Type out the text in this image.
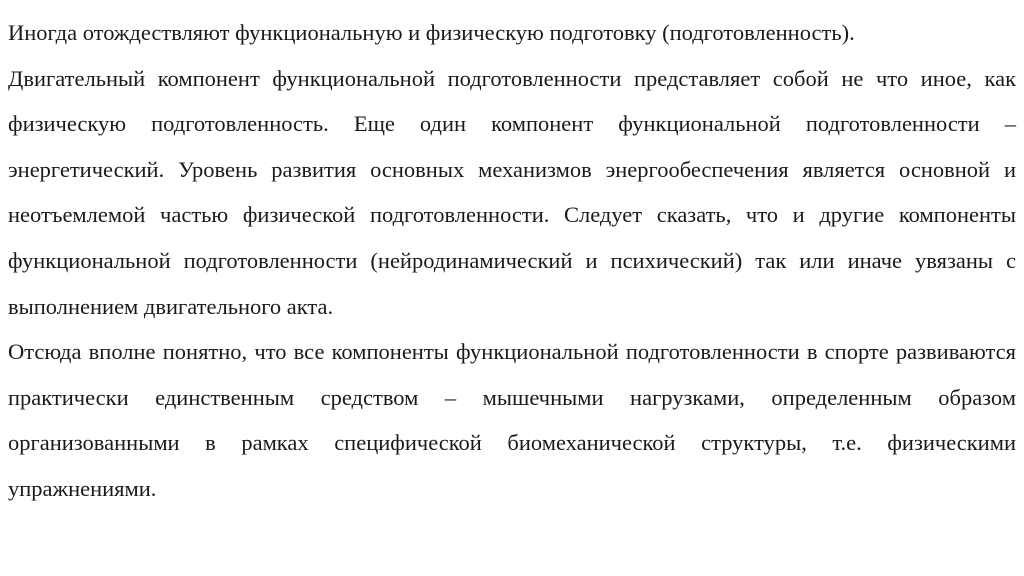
Иногда отождествляют функциональную и физическую подготовку (подготовленность).

Двигательный компонент функциональной подготовленности представляет собой не что иное, как физическую подготовленность. Еще один компонент функциональной подготовленности – энергетический. Уровень развития основных механизмов энергообеспечения является основной и неотъемлемой частью физической подготовленности. Следует сказать, что и другие компоненты функциональной подготовленности (нейродинамический и психический) так или иначе увязаны с выполнением двигательного акта.

Отсюда вполне понятно, что все компоненты функциональной подготовленности в спорте развиваются практически единственным средством – мышечными нагрузками, определенным образом организованными в рамках специфической биомеханической структуры, т.е. физическими упражнениями.
